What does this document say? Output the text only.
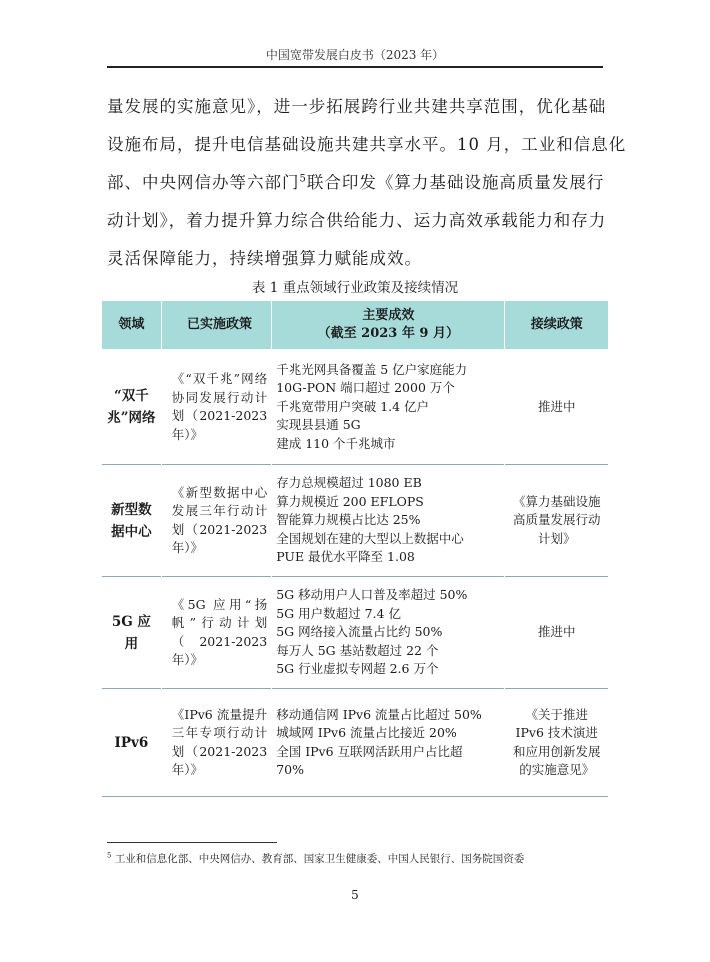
中国宽带发展白皮书（2023 年）

量发展的实施意见》，进一步拓展跨行业共建共享范围，优化基础

设施布局，提升电信基础设施共建共享水平。10 月，工业和信息化

部、中央网信办等六部门$^5$联合印发《算力基础设施高质量发展行

动计划》，着力提升算力综合供给能力、运力高效承载能力和存力

灵活保障能力，持续增强算力赋能成效。

表 1 重点领域行业政策及接续情况
领域	已实施政策	主要成效
（截至 2023 年 9 月）	接续政策
“双千兆”网络	《“双千兆”网络协同发展行动计划（2021-2023年）》	千兆光网具备覆盖 5 亿户家庭能力
10G-PON 端口超过 2000 万个
千兆宽带用户突破 1.4 亿户
实现县县通 5G
建成 110 个千兆城市	推进中
新型数据中心	《新型数据中心发展三年行动计划（2021-2023 年）》	存力总规模超过 1080 EB
算力规模近 200 EFLOPS
智能算力规模占比达 25%
全国规划在建的大型以上数据中心
PUE 最优水平降至 1.08	《算力基础设施高质量发展行动计划》
5G 应用	《5G 应用“扬帆”行动计划（2021-2023年）》	5G 移动用户人口普及率超过 50%
5G 用户数超过 7.4 亿
5G 网络接入流量占比约 50%
每万人 5G 基站数超过 22 个
5G 行业虚拟专网超 2.6 万个	推进中
IPv6	《IPv6 流量提升三年专项行动计划（2021-2023 年）》	移动通信网 IPv6 流量占比超过 50%
城域网 IPv6 流量占比接近 20%
全国 IPv6 互联网活跃用户占比超
70%	《关于推进 IPv6 技术演进和应用创新发展的实施意见》
$^5$ 工业和信息化部、中央网信办、教育部、国家卫生健康委、中国人民银行、国务院国资委
5
